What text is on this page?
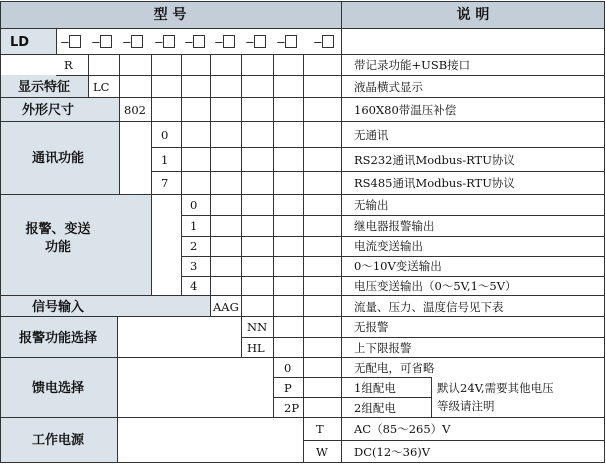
型 号	说 明
LD	− − − − − − − − −
R	带记录功能+USB接口
显示特征 LC	液晶横式显示
外形尺寸	802	160X80带温压补偿
通讯功能
0	无通讯
1	RS232通讯Modbus-RTU协议
7	RS485通讯Modbus-RTU协议
报警、变送
功能
0	无输出
1	继电器报警输出
2	电流变送输出
3	0～10V变送输出
4	电压变送输出（0～5V,1～5V）
信号输入	AAG	流量、压力、温度信号见下表
报警功能选择
NN	无报警
HL	上下限报警
馈电选择
0	无配电，可省略
P	1组配电
2P	2组配电
默认24V,需要其他电压
等级请注明
工作电源
T	AC（85～265）V
W DC(12～36)V
